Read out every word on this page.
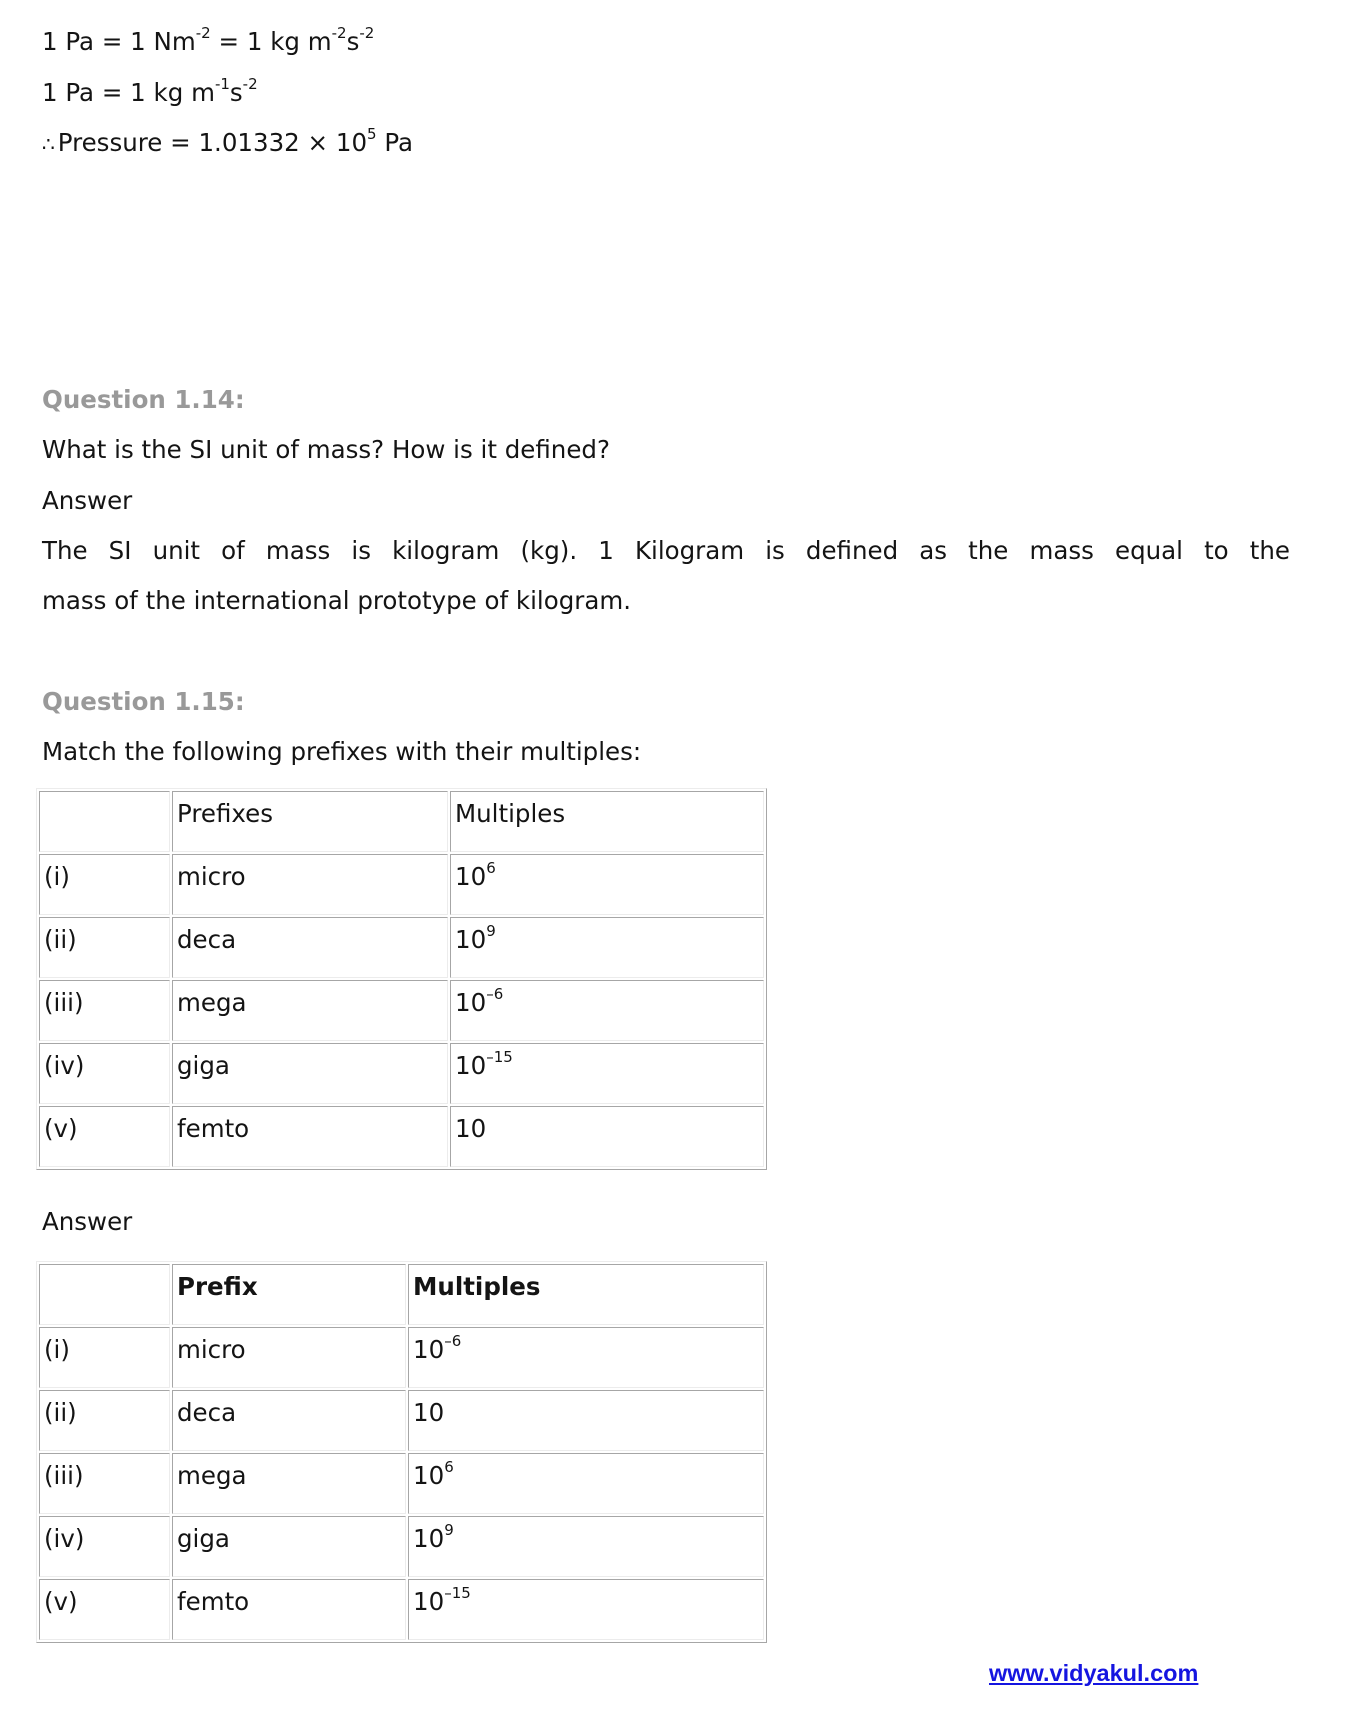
1 Pa = 1 $Nm^{-2} = 1$ kg $m^{-2}s^{-2}$
1 Pa = 1 kg $m^{-1}s^{-2}$
∴ Pressure = $1.01332 \times 10^5$ Pa
Question 1.14:
What is the SI unit of mass? How is it defined?
Answer
The SI unit of mass is kilogram (kg). 1 Kilogram is defined as the mass equal to the
mass of the international prototype of kilogram.
Question 1.15:
Match the following prefixes with their multiples:
	Prefixes	Multiples
(i)	micro	$10^6$
(ii)	deca	$10^9$
(iii)	mega	$10^{-6}$
(iv)	giga	$10^{-15}$
(v)	femto	10
Answer
	Prefix	Multiples
(i)	micro	$10^{-6}$
(ii)	deca	10
(iii)	mega	$10^6$
(iv)	giga	$10^9$
(v)	femto	$10^{-15}$
www.vidyakul.com
